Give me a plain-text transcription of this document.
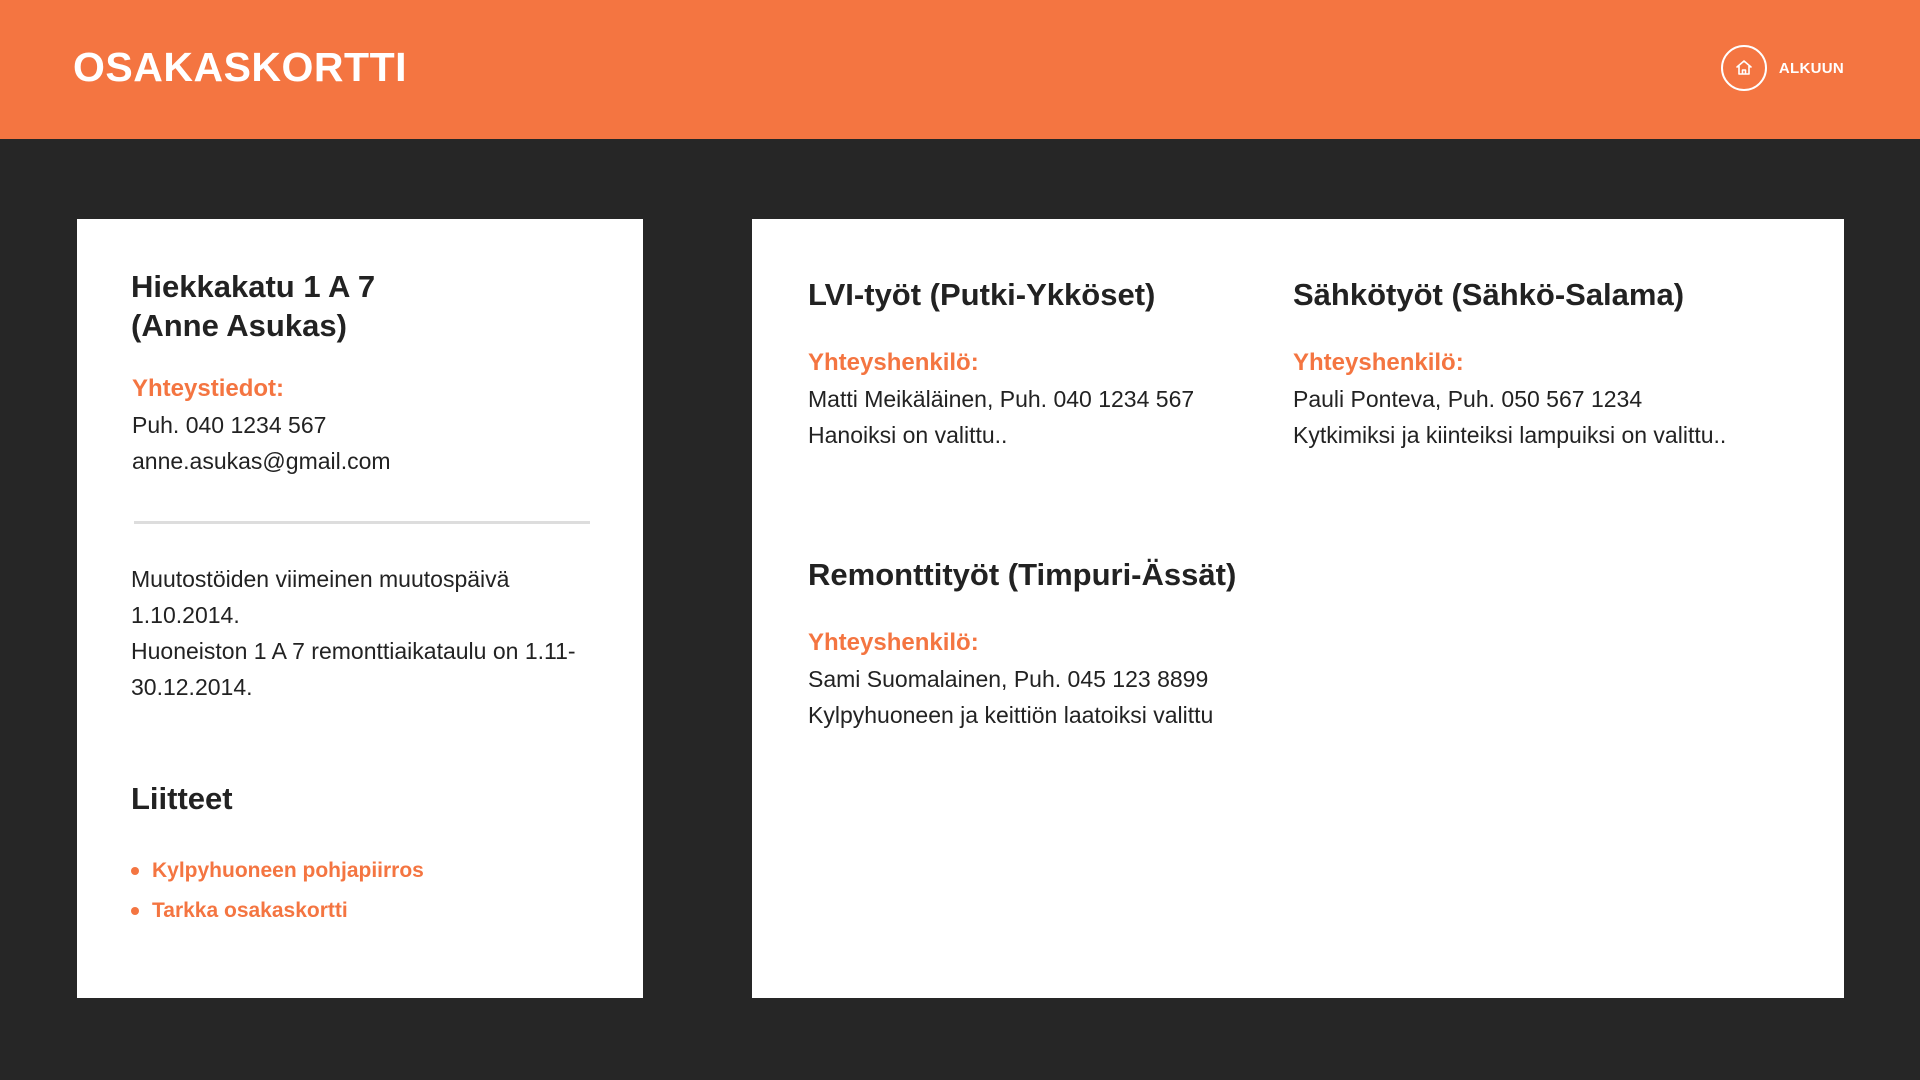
OSAKASKORTTI	ALKUUN
Hiekkakatu 1 A 7
(Anne Asukas)
Yhteystiedot:
Puh. 040 1234 567
anne.asukas@gmail.com
Muutostöiden viimeinen muutospäivä 1.10.2014.
Huoneiston 1 A 7 remonttiaikataulu on 1.11-30.12.2014.
Liitteet
Kylpyhuoneen pohjapiirros
Tarkka osakaskortti
LVI-työt (Putki-Ykköset)
Yhteyshenkilö:
Matti Meikäläinen, Puh. 040 1234 567
Hanoiksi on valittu..
Sähkötyöt (Sähkö-Salama)
Yhteyshenkilö:
Pauli Ponteva, Puh. 050 567 1234
Kytkimiksi ja kiinteiksi lampuiksi on valittu..
Remonttityöt (Timpuri-Ässät)
Yhteyshenkilö:
Sami Suomalainen, Puh. 045 123 8899
Kylpyhuoneen ja keittiön laatoiksi valittu
